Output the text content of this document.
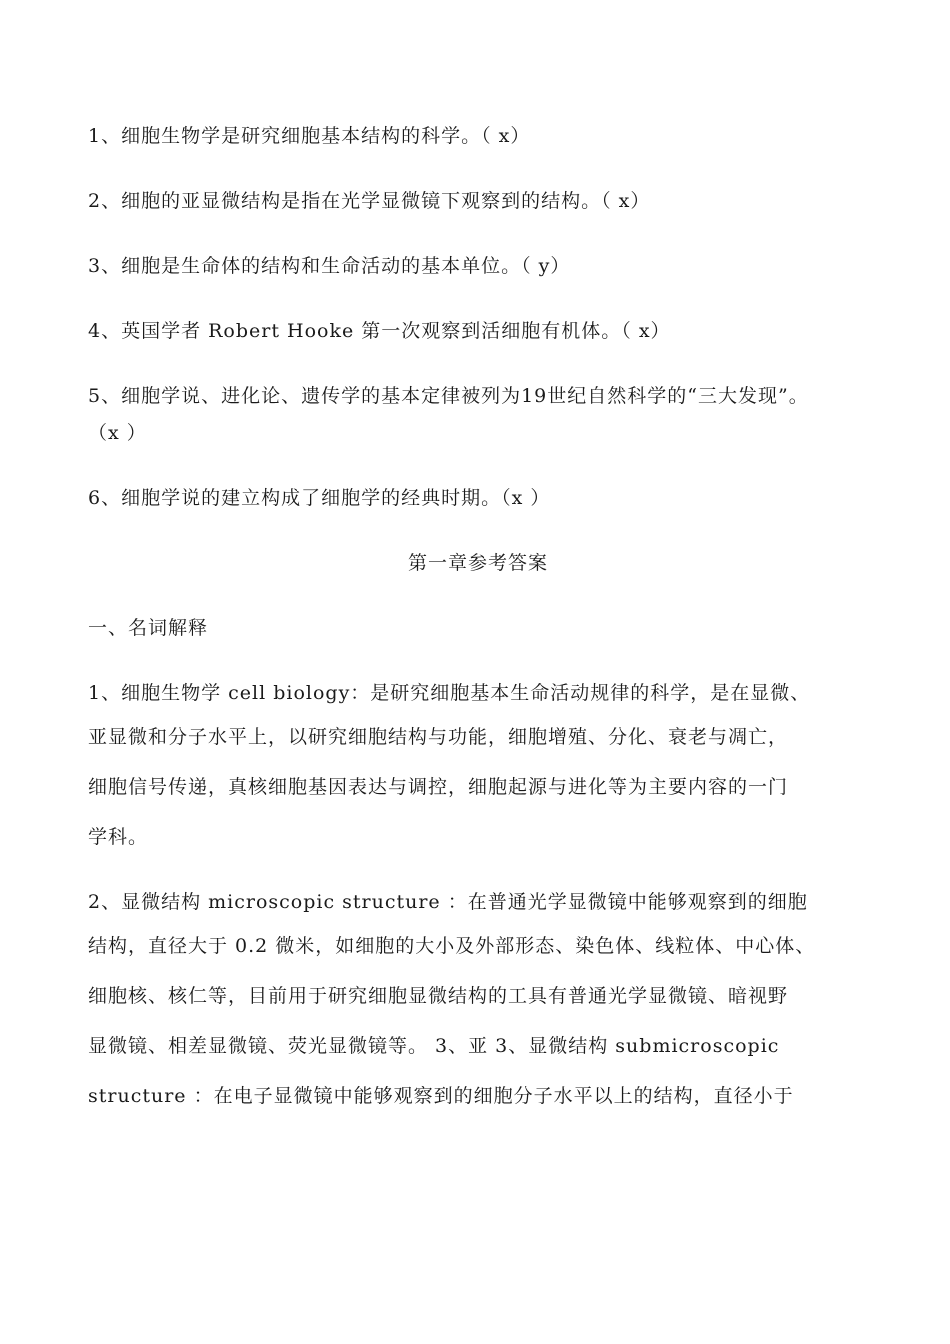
1、细胞生物学是研究细胞基本结构的科学。（ x）
2、细胞的亚显微结构是指在光学显微镜下观察到的结构。（ x）
3、细胞是生命体的结构和生命活动的基本单位。（ y）
4、英国学者 Robert Hooke 第一次观察到活细胞有机体。（ x）
5、细胞学说、进化论、遗传学的基本定律被列为19世纪自然科学的“三大发现”。
（x ）
6、细胞学说的建立构成了细胞学的经典时期。（x ）
第一章参考答案
一、名词解释
1、细胞生物学 cell biology：是研究细胞基本生命活动规律的科学，是在显微、
亚显微和分子水平上，以研究细胞结构与功能，细胞增殖、分化、衰老与凋亡，
细胞信号传递，真核细胞基因表达与调控，细胞起源与进化等为主要内容的一门
学科。
2、显微结构 microscopic structure ：在普通光学显微镜中能够观察到的细胞
结构，直径大于 0.2 微米，如细胞的大小及外部形态、染色体、线粒体、中心体、
细胞核、核仁等，目前用于研究细胞显微结构的工具有普通光学显微镜、暗视野
显微镜、相差显微镜、荧光显微镜等。 3、亚 3、显微结构 submicroscopic
structure ：在电子显微镜中能够观察到的细胞分子水平以上的结构，直径小于
